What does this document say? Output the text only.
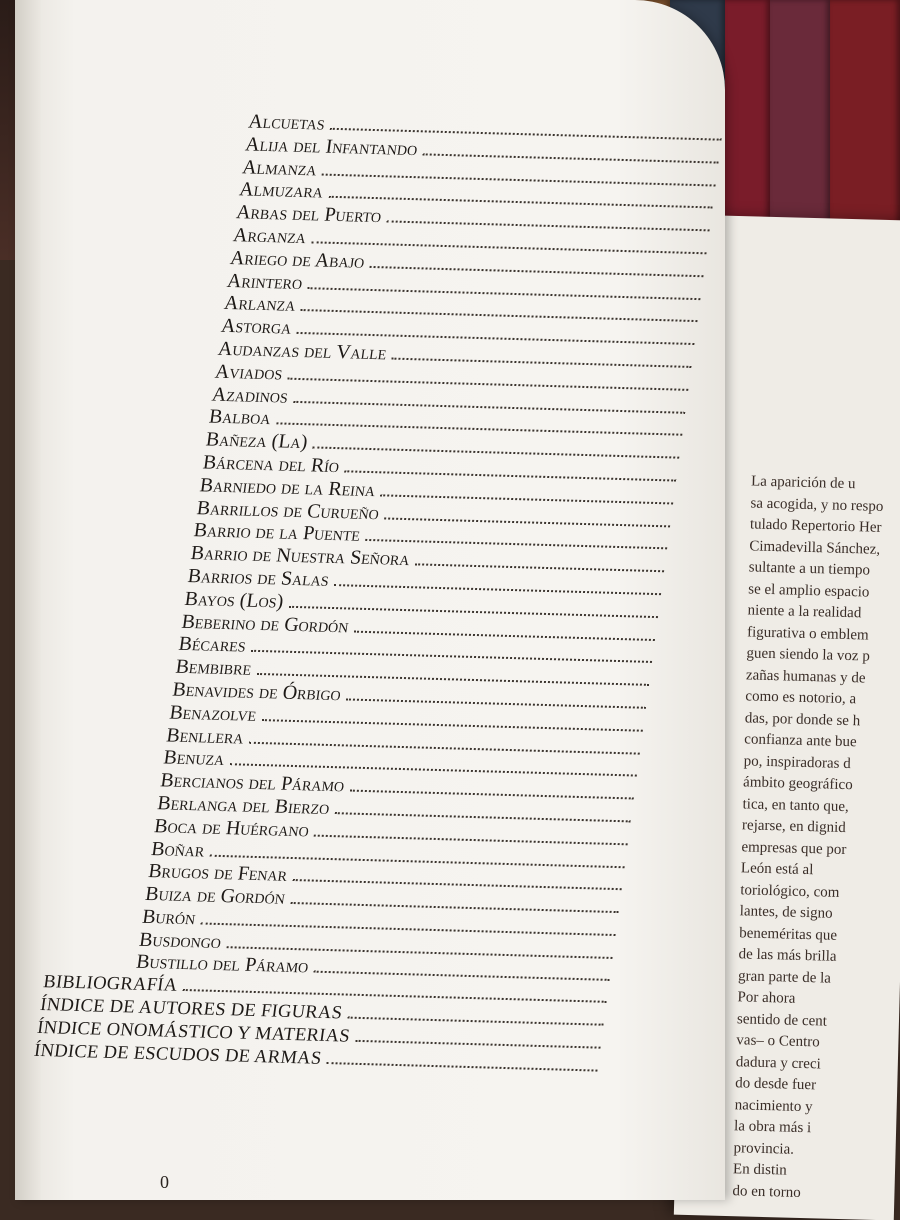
La aparición de u

sa acogida, y no respo

tulado Repertorio Her

Cimadevilla Sánchez,

sultante a un tiempo

se el amplio espacio

niente a la realidad

figurativa o emblem

guen siendo la voz p

zañas humanas y de

como es notorio, a

das, por donde se h

confianza ante bue

po, inspiradoras d

ámbito geográfico

tica, en tanto que,

rejarse, en dignid

empresas que por

León está al

toriológico, com

lantes, de signo

beneméritas que

de las más brilla

gran parte de la

Por ahora

sentido de cent

vas– o Centro

dadura y creci

do desde fuer

nacimiento y

la obra más i

provincia.

En distin

do en torno

Alcuetas
Alija del Infantando
Almanza
Almuzara
Arbas del Puerto
Arganza
Ariego de Abajo
Arintero
Arlanza
Astorga
Audanzas del Valle
Aviados
Azadinos
Balboa
Bañeza (La)
Bárcena del Río
Barniedo de la Reina
Barrillos de Curueño
Barrio de la Puente
Barrio de Nuestra Señora
Barrios de Salas
Bayos (Los)
Beberino de Gordón
Bécares
Bembibre
Benavides de Órbigo
Benazolve
Benllera
Benuza
Bercianos del Páramo
Berlanga del Bierzo
Boca de Huérgano
Boñar
Brugos de Fenar
Buiza de Gordón
Burón
Busdongo
Bustillo del Páramo
BIBLIOGRAFÍA
ÍNDICE DE AUTORES DE FIGURAS
ÍNDICE ONOMÁSTICO Y MATERIAS
ÍNDICE DE ESCUDOS DE ARMAS
0
